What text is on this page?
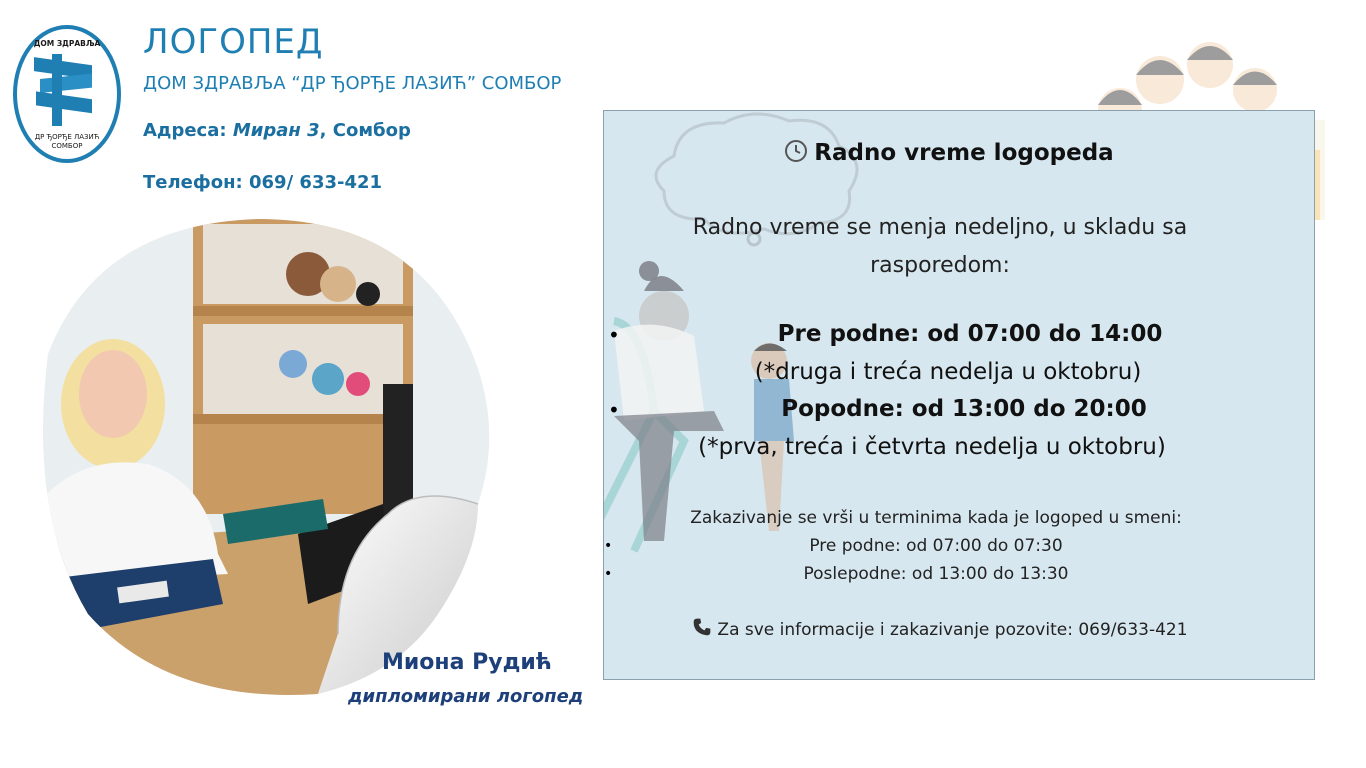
ДОМ ЗДРАВЉА
ДР ЂОРЂЕ ЛАЗИЋ
СОМБОР
ЛОГОПЕД
ДОМ ЗДРАВЉА “ДР ЂОРЂЕ ЛАЗИЋ” СОМБОР
Адреса: Миран 3, Сомбор
Телефон: 069/ 633-421
Radno vreme logopeda
Radno vreme se menja nedeljno, u skladu sa rasporedom:
•	Pre podne: od 07:00 do 14:00
(*druga i treća nedelja u oktobru)
•	Popodne: od 13:00 do 20:00
(*prva, treća i četvrta nedelja u oktobru)
Zakazivanje se vrši u terminima kada je logoped u smeni:
•	Pre podne: od 07:00 do 07:30
•	Poslepodne: od 13:00 do 13:30
Za sve informacije i zakazivanje pozovite: 069/633-421
Миона Рудић
дипломирани логопед
